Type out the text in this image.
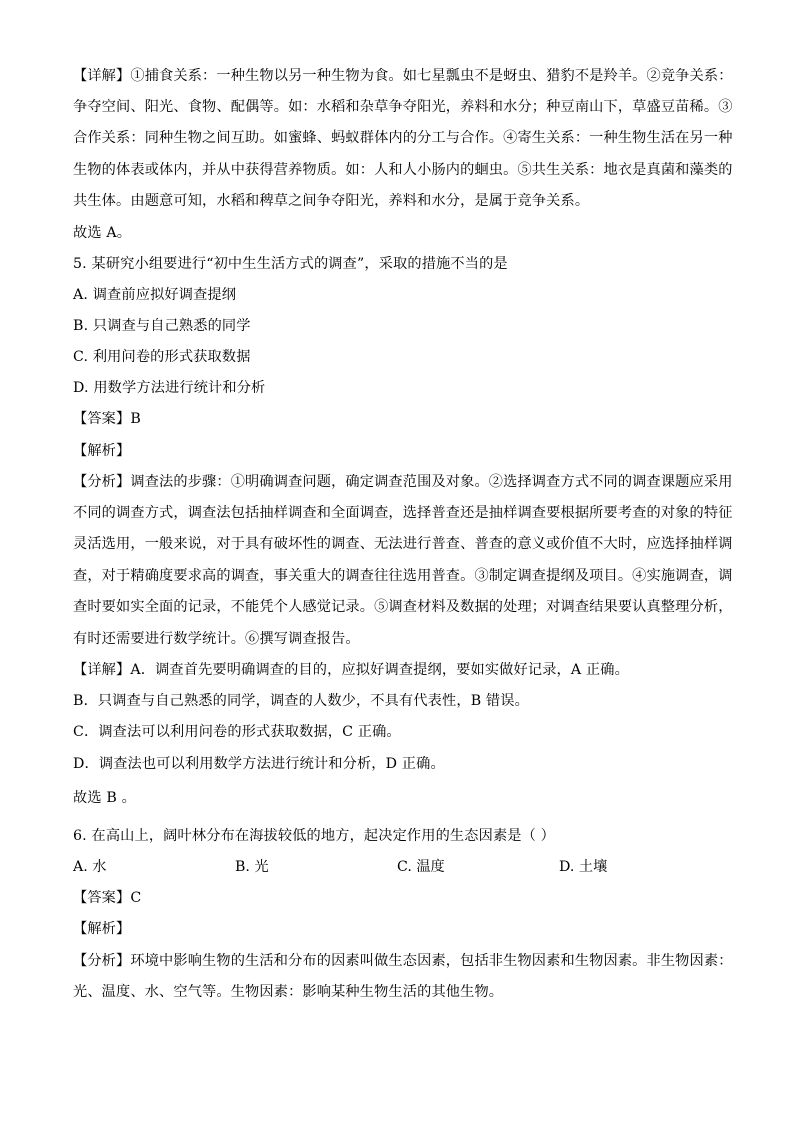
【详解】①捕食关系：一种生物以另一种生物为食。如七星瓢虫不是蚜虫、猎豹不是羚羊。②竞争关系：
争夺空间、阳光、食物、配偶等。如：水稻和杂草争夺阳光，养料和水分；种豆南山下，草盛豆苗稀。③
合作关系：同种生物之间互助。如蜜蜂、蚂蚁群体内的分工与合作。④寄生关系：一种生物生活在另一种
生物的体表或体内，并从中获得营养物质。如：人和人小肠内的蛔虫。⑤共生关系：地衣是真菌和藻类的
共生体。由题意可知，水稻和稗草之间争夺阳光，养料和水分，是属于竞争关系。
故选 A。
5. 某研究小组要进行“初中生生活方式的调查”，采取的措施不当的是
A. 调查前应拟好调查提纲
B. 只调查与自己熟悉的同学
C. 利用问卷的形式获取数据
D. 用数学方法进行统计和分析
【答案】B
【解析】
【分析】调查法的步骤：①明确调查问题，确定调查范围及对象。②选择调查方式不同的调查课题应采用
不同的调查方式，调查法包括抽样调查和全面调查，选择普查还是抽样调查要根据所要考查的对象的特征
灵活选用，一般来说，对于具有破坏性的调查、无法进行普查、普查的意义或价值不大时，应选择抽样调
查，对于精确度要求高的调查，事关重大的调查往往选用普查。③制定调查提纲及项目。④实施调查，调
查时要如实全面的记录，不能凭个人感觉记录。⑤调查材料及数据的处理；对调查结果要认真整理分析，
有时还需要进行数学统计。⑥撰写调查报告。
【详解】A．调查首先要明确调查的目的，应拟好调查提纲，要如实做好记录，A 正确。
B．只调查与自己熟悉的同学，调查的人数少，不具有代表性，B 错误。
C．调查法可以利用问卷的形式获取数据，C 正确。
D．调查法也可以利用数学方法进行统计和分析，D 正确。
故选 B 。
6. 在高山上，阔叶林分布在海拔较低的地方，起决定作用的生态因素是（ ）
A. 水	B. 光	C. 温度	D. 土壤
【答案】C
【解析】
【分析】环境中影响生物的生活和分布的因素叫做生态因素，包括非生物因素和生物因素。非生物因素：
光、温度、水、空气等。生物因素：影响某种生物生活的其他生物。
